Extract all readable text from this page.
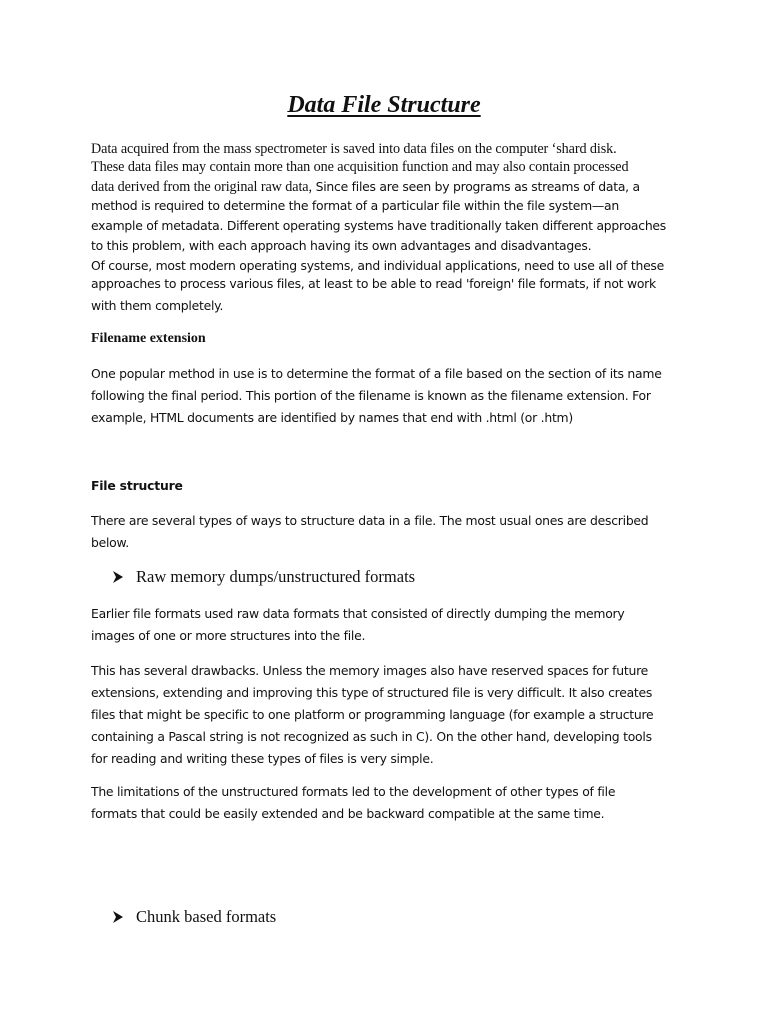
Data File Structure
Data acquired from the mass spectrometer is saved into data files on the computer ‘shard disk.
These data files may contain more than one acquisition function and may also contain processed
data derived from the original raw data, Since files are seen by programs as streams of data, a
method is required to determine the format of a particular file within the file system—an
example of metadata. Different operating systems have traditionally taken different approaches
to this problem, with each approach having its own advantages and disadvantages.
Of course, most modern operating systems, and individual applications, need to use all of these
approaches to process various files, at least to be able to read 'foreign' file formats, if not work
with them completely.
Filename extension
One popular method in use is to determine the format of a file based on the section of its name
following the final period. This portion of the filename is known as the filename extension. For
example, HTML documents are identified by names that end with .html (or .htm)
File structure
There are several types of ways to structure data in a file. The most usual ones are described
below.
Raw memory dumps/unstructured formats
Earlier file formats used raw data formats that consisted of directly dumping the memory
images of one or more structures into the file.
This has several drawbacks. Unless the memory images also have reserved spaces for future
extensions, extending and improving this type of structured file is very difficult. It also creates
files that might be specific to one platform or programming language (for example a structure
containing a Pascal string is not recognized as such in C). On the other hand, developing tools
for reading and writing these types of files is very simple.
The limitations of the unstructured formats led to the development of other types of file
formats that could be easily extended and be backward compatible at the same time.
Chunk based formats
